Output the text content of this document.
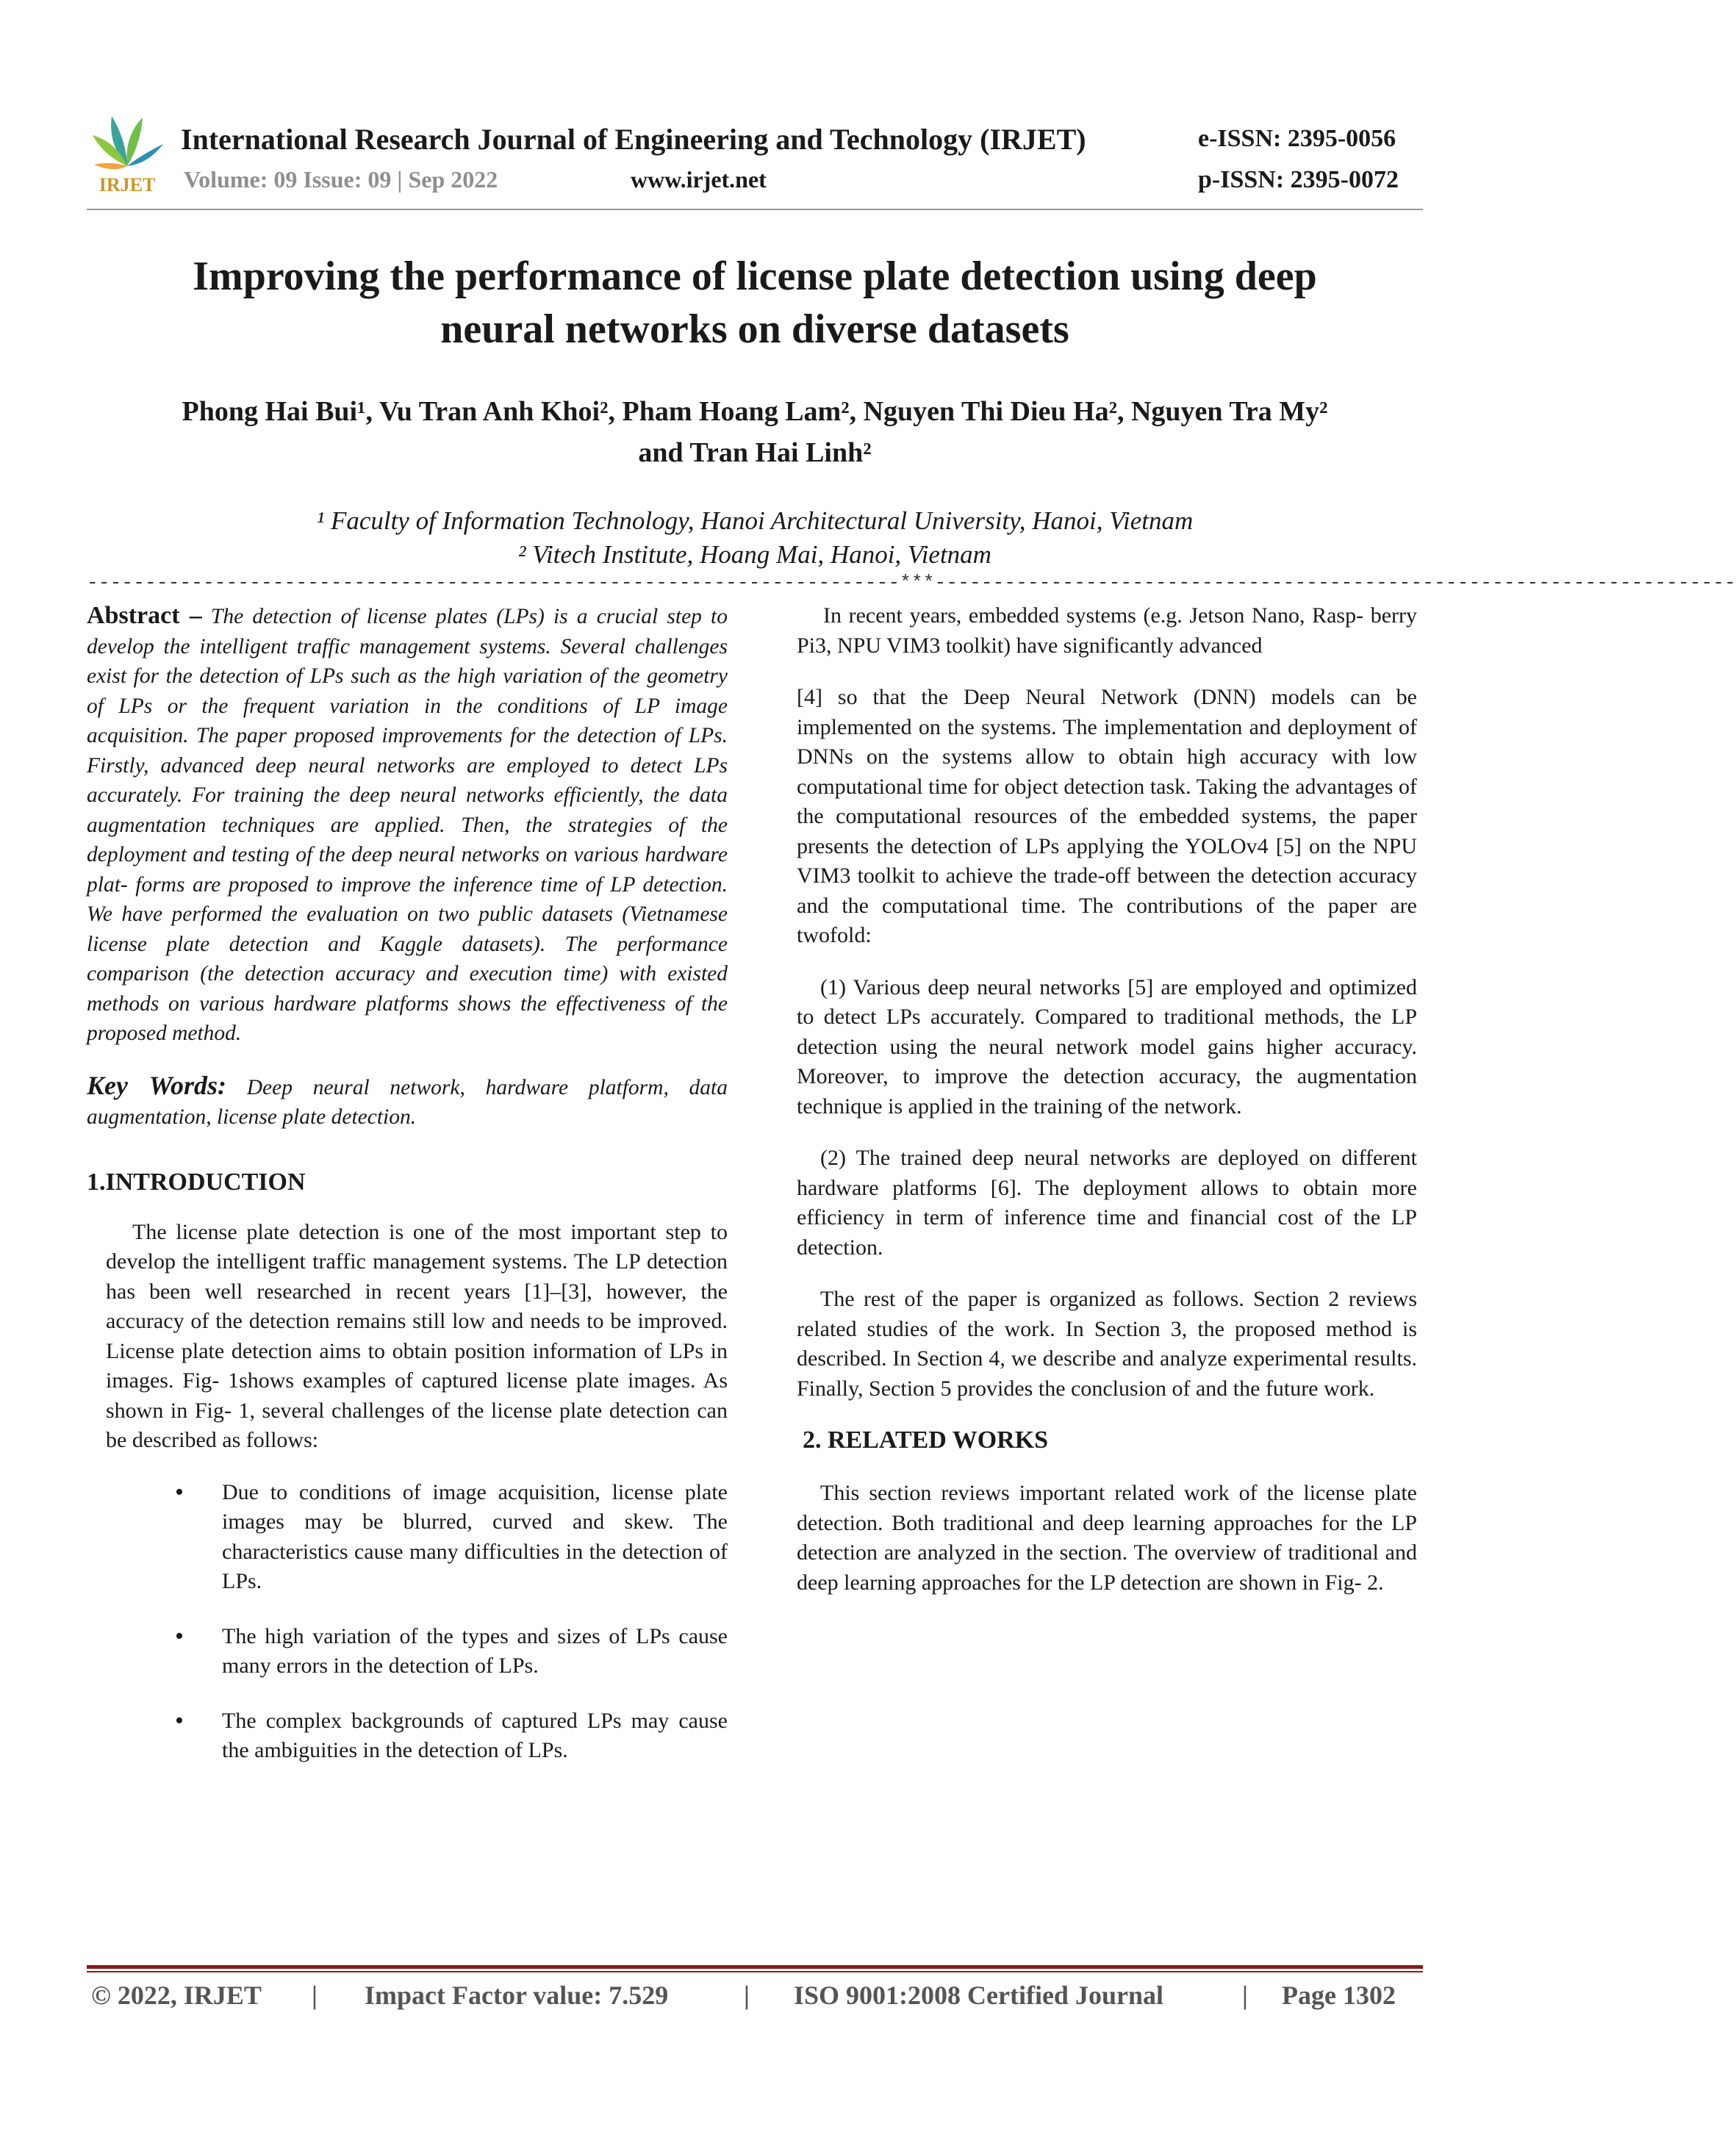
IRJET
International Research Journal of Engineering and Technology (IRJET)	e-ISSN: 2395-0056
Volume: 09 Issue: 09 | Sep 2022	www.irjet.net	p-ISSN: 2395-0072
Improving the performance of license plate detection using deep
neural networks on diverse datasets
Phong Hai Bui¹, Vu Tran Anh Khoi², Pham Hoang Lam², Nguyen Thi Dieu Ha², Nguyen Tra My²
and Tran Hai Linh²
¹ Faculty of Information Technology, Hanoi Architectural University, Hanoi, Vietnam
² Vitech Institute, Hoang Mai, Hanoi, Vietnam
----------------------------------------------------------------------***---------------------------------------------------------------------

Abstract – The detection of license plates (LPs) is a crucial step to develop the intelligent traffic management systems. Several challenges exist for the detection of LPs such as the high variation of the geometry of LPs or the frequent variation in the conditions of LP image acquisition. The paper proposed improvements for the detection of LPs. Firstly, advanced deep neural networks are employed to detect LPs accurately. For training the deep neural networks efficiently, the data augmentation techniques are applied. Then, the strategies of the deployment and testing of the deep neural networks on various hardware plat- forms are proposed to improve the inference time of LP detection. We have performed the evaluation on two public datasets (Vietnamese license plate detection and Kaggle datasets). The performance comparison (the detection accuracy and execution time) with existed methods on various hardware platforms shows the effectiveness of the proposed method.

Key Words: Deep neural network, hardware platform, data augmentation, license plate detection.

1.INTRODUCTION

The license plate detection is one of the most important step to develop the intelligent traffic management systems. The LP detection has been well researched in recent years [1]–[3], however, the accuracy of the detection remains still low and needs to be improved. License plate detection aims to obtain position information of LPs in images. Fig- 1shows examples of captured license plate images. As shown in Fig- 1, several challenges of the license plate detection can be described as follows:

• Due to conditions of image acquisition, license plate images may be blurred, curved and skew. The characteristics cause many difficulties in the detection of LPs.
• The high variation of the types and sizes of LPs cause many errors in the detection of LPs.
• The complex backgrounds of captured LPs may cause the ambiguities in the detection of LPs.

In recent years, embedded systems (e.g. Jetson Nano, Rasp- berry Pi3, NPU VIM3 toolkit) have significantly advanced

[4] so that the Deep Neural Network (DNN) models can be implemented on the systems. The implementation and deployment of DNNs on the systems allow to obtain high accuracy with low computational time for object detection task. Taking the advantages of the computational resources of the embedded systems, the paper presents the detection of LPs applying the YOLOv4 [5] on the NPU VIM3 toolkit to achieve the trade-off between the detection accuracy and the computational time. The contributions of the paper are twofold:

(1) Various deep neural networks [5] are employed and optimized to detect LPs accurately. Compared to traditional methods, the LP detection using the neural network model gains higher accuracy. Moreover, to improve the detection accuracy, the augmentation technique is applied in the training of the network.

(2) The trained deep neural networks are deployed on different hardware platforms [6]. The deployment allows to obtain more efficiency in term of inference time and financial cost of the LP detection.

The rest of the paper is organized as follows. Section 2 reviews related studies of the work. In Section 3, the proposed method is described. In Section 4, we describe and analyze experimental results. Finally, Section 5 provides the conclusion of and the future work.

2. RELATED WORKS

This section reviews important related work of the license plate detection. Both traditional and deep learning approaches for the LP detection are analyzed in the section. The overview of traditional and deep learning approaches for the LP detection are shown in Fig- 2.

© 2022, IRJET | Impact Factor value: 7.529	| ISO 9001:2008 Certified Journal	| Page 1302
